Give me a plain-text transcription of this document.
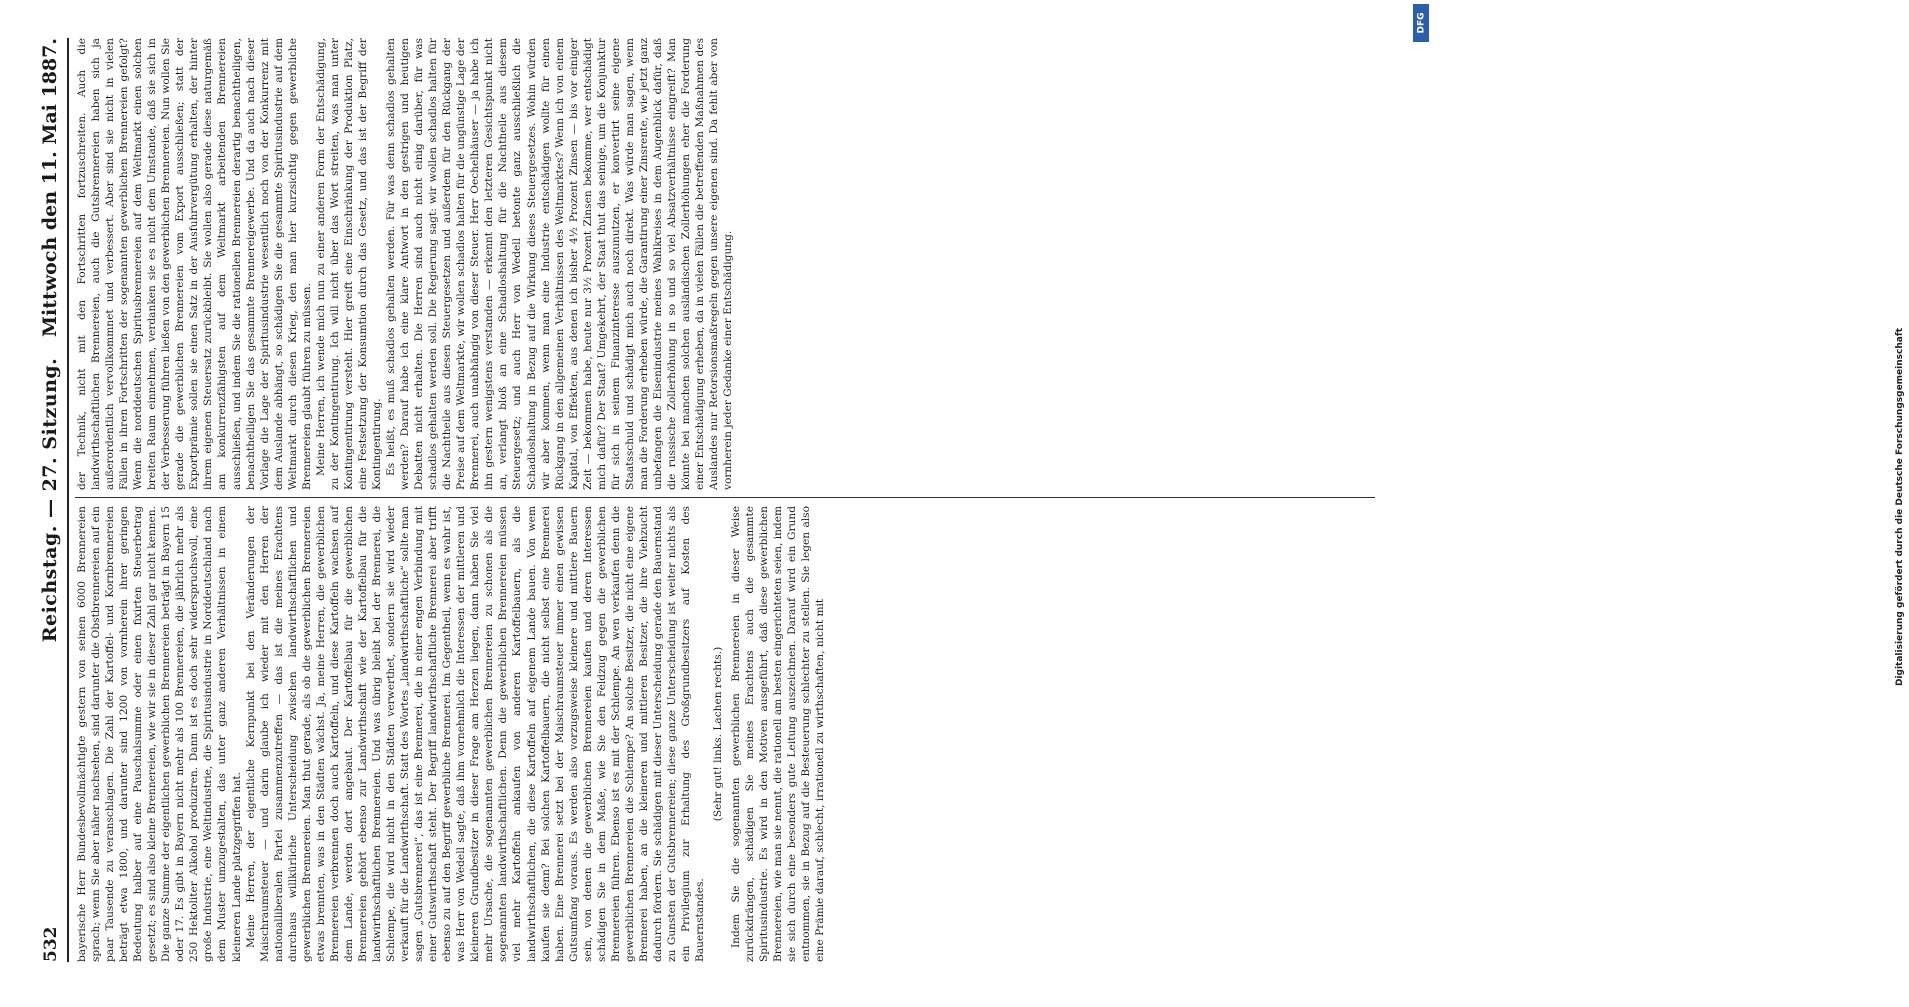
532
Reichstag. — 27. Sitzung.
Mittwoch den 11. Mai 1887.

bayerische Herr Bundesbevollmächtigte gestern von seinen 6000 Brennereien sprach; wenn Sie aber näher nachsehen, sind darunter die Obstbrennereien auf ein paar Tausende zu veranschlagen. Die Zahl der Kartoffel- und Kornbrennereien beträgt etwa 1800, und darunter sind 1200 von vornherein ihrer geringen Bedeutung halber auf eine Pauschalsumme oder einen fixirten Steuerbetrag gesetzt; es sind also kleine Brennereien, wie wir sie in dieser Zahl gar nicht kennen. Die ganze Summe der eigentlichen gewerblichen Brennereien beträgt in Bayern 15 oder 17. Es gibt in Bayern nicht mehr als 100 Brennereien, die jährlich mehr als 250 Hektoliter Alkohol produziren. Dann ist es doch sehr widerspruchsvoll, eine große Industrie, eine Weltindustrie, die Spiritusindustrie in Norddeutschland nach dem Muster umzugestalten, das unter ganz anderen Verhältnissen in einem kleineren Lande platzgegriffen hat. Meine Herren, der eigentliche Kernpunkt bei den Veränderungen der Maischraumsteuer — und darin glaube ich wieder mit den Herren der nationalliberalen Partei zusammenzutreffen — das ist die meines Erachtens durchaus willkürliche Unterscheidung zwischen landwirthschaftlichen und gewerblichen Brennereien. Man thut gerade, als ob die gewerblichen Brennereien etwas brennten, was in den Städten wächst. Ja, meine Herren, die gewerblichen Brennereien verbrennen doch auch Kartoffeln, und diese Kartoffeln wachsen auf dem Lande, werden dort angebaut. Der Kartoffelbau für die gewerblichen Brennereien gehört ebenso zur Landwirthschaft wie der Kartoffelbau für die landwirthschaftlichen Brennereien. Und was übrig bleibt bei der Brennerei, die Schlempe, die wird nicht in den Städten verwerthet, sondern sie wird wieder verkauft für die Landwirthschaft. Statt des Wortes „landwirthschaftliche“ sollte man sagen „Gutsbrennerei“, das ist eine Brennerei, die in einer engen Verbindung mit einer Gutswirthschaft steht. Der Begriff landwirthschaftliche Brennerei aber trifft ebenso zu auf den Begriff gewerbliche Brennerei. Im Gegentheil, wenn es wahr ist, was Herr von Wedell sagte, daß ihm vornehmlich die Interessen der mittleren und kleineren Grundbesitzer in dieser Frage am Herzen liegen, dann haben Sie viel mehr Ursache, die sogenannten gewerblichen Brennereien zu schonen als die sogenannten landwirthschaftlichen. Denn die gewerblichen Brennereien müssen viel mehr Kartoffeln ankaufen von anderen Kartoffelbauern, als die landwirthschaftlichen, die diese Kartoffeln auf eigenem Lande bauen. Von wem kaufen sie denn? Bei solchen Kartoffelbauern, die nicht selbst eine Brennerei haben. Eine Brennerei setzt bei der Maischraumsteuer immer einen gewissen Gutsumfang voraus. Es werden also vorzugsweise kleinere und mittlere Bauern sein, von denen die gewerblichen Brennereien kaufen und deren Interessen schädigen Sie in dem Maße, wie Sie den Feldzug gegen die gewerblichen Brennereien führen. Ebenso ist es mit der Schlempe. An wen verkaufen denn die gewerblichen Brennereien die Schlempe? An solche Besitzer, die nicht eine eigene Brennerei haben, an die kleineren und mittleren Besitzer, die ihre Viehzucht dadurch fördern. Sie schädigen mit dieser Unterscheidung gerade den Bauernstand zu Gunsten der Gutsbrennereien; diese ganze Unterscheidung ist weiter nichts als ein Privilegium zur Erhaltung des Großgrundbesitzers auf Kosten des Bauernstandes.

(Sehr gut! links. Lachen rechts.) Indem Sie die sogenannten gewerblichen Brennereien in dieser Weise zurückdrängen, schädigen Sie meines Erachtens auch die gesammte Spiritusindustrie. Es wird in den Motiven ausgeführt, daß diese gewerblichen Brennereien, wie man sie nennt, die rationell am besten eingerichteten seien, indem sie sich durch eine besonders gute Leitung auszeichnen. Darauf wird ein Grund entnommen, sie in Bezug auf die Besteuerung schlechter zu stellen. Sie legen also eine Prämie darauf, schlecht, irrationell zu wirthschaften, nicht mit

der Technik, nicht mit den Fortschritten fortzuschreiten. Auch die landwirthschaftlichen Brennereien, auch die Gutsbrennereien haben sich ja außerordentlich vervollkommnet und verbessert. Aber sind sie nicht in vielen Fällen in ihren Fortschritten der sogenannten gewerblichen Brennereien gefolgt? Wenn die norddeutschen Spiritusbrennereien auf dem Weltmarkt einen solchen breiten Raum einnehmen, verdanken sie es nicht dem Umstande, daß sie sich in der Verbesserung führen ließen von den gewerblichen Brennereien. Nun wollen Sie gerade die gewerblichen Brennereien vom Export ausschließen; statt der Exportprämie sollen sie einen Satz in der Ausfuhrvergütung erhalten, der hinter ihrem eigenen Steuersatz zurückbleibt. Sie wollen also gerade diese naturgemäß am konkurrenzfähigsten auf dem Weltmarkt arbeitenden Brennereien ausschließen, und indem Sie die rationellen Brennereien derartig benachtheiligen, benachtheiligen Sie das gesammte Brennereigewerbe. Und da auch nach dieser Vorlage die Lage der Spiritusindustrie wesentlich noch von der Konkurrenz mit dem Auslande abhängt, so schädigen Sie die gesammte Spiritusindustrie auf dem Weltmarkt durch diesen Krieg, den man hier kurzsichtig gegen gewerbliche Brennereien glaubt führen zu müssen. Meine Herren, ich wende mich nun zu einer anderen Form der Entschädigung, zu der Kontingentirung. Ich will nicht über das Wort streiten, was man unter Kontingentirung versteht. Hier greift eine Einschränkung der Produktion Platz, eine Festsetzung der Konsumtion durch das Gesetz, und das ist der Begriff der Kontingentirung. Es heißt, es muß schadlos gehalten werden. Für was denn schadlos gehalten werden? Darauf habe ich eine klare Antwort in den gestrigen und heutigen Debatten nicht erhalten. Die Herren sind auch nicht einig darüber, für was schadlos gehalten werden soll. Die Regierung sagt: wir wollen schadlos halten für die Nachtheile aus diesen Steuergesetzen und außerdem für den Rückgang der Preise auf dem Weltmarkte, wir wollen schadlos halten für die ungünstige Lage der Brennerei, auch unabhängig von dieser Steuer. Herr Oechelhäuser — ja habe ich ihn gestern wenigstens verstanden — erkennt den letzteren Gesichtspunkt nicht an, verlangt bloß an eine Schadloshaltung für die Nachtheile aus diesem Steuergesetz; und auch Herr von Wedell betonte ganz ausschließlich die Schadloshaltung in Bezug auf die Wirkung dieses Steuergesetzes. Wohin würden wir aber kommen, wenn man eine Industrie entschädigen wollte für einen Rückgang in den allgemeinen Verhältnissen des Weltmarktes? Wenn ich von einem Kapital, von Effekten, aus denen ich bisher 4½ Prozent Zinsen — bis vor einiger Zeit — bekommen habe, heute nur 3½ Prozent Zinsen bekomme, wer entschädigt mich dafür? Der Staat? Umgekehrt, der Staat thut das seinige, um die Konjunktur für sich in seinem Finanzinteresse auszunutzen, er konvertirt seine eigene Staatsschuld und schädigt mich auch noch direkt. Was würde man sagen, wenn man die Forderung erheben würde, die Garantirung einer Zinsrente, wie jetzt ganz unbefangen die Eisenindustrie meines Wahlkreises in dem Augenblick dafür, daß die russische Zollerhöhung in so und so viel Absatzverhältnisse eingreift? Man könnte bei manchen solchen ausländischen Zollerhöhungen eher die Forderung einer Entschädigung erheben, da in vielen Fällen die betreffenden Maßnahmen des Auslandes nur Retorsionsmaßregeln gegen unsere eigenen sind. Da fehlt aber von vornherein jeder Gedanke einer Entschädigung.

DFG
Digitalisierung gefördert durch die Deutsche Forschungsgemeinschaft
